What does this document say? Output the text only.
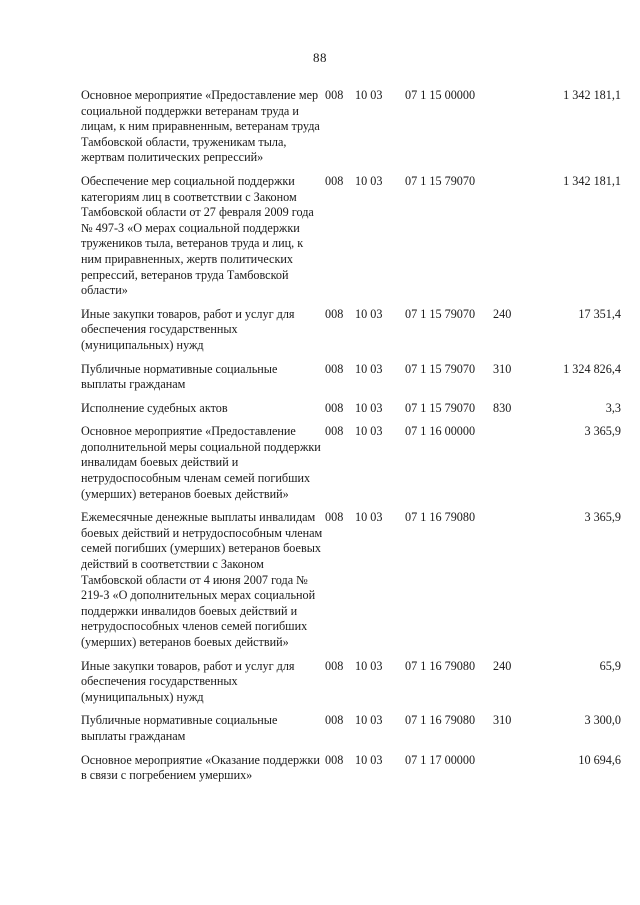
88
Основное мероприятие «Предоставление мер социальной поддержки ветеранам труда и лицам, к ним приравненным, ветеранам труда Тамбовской области, труженикам тыла, жертвам политических репрессий»	008	10 03	07 1 15 00000		1 342 181,1
Обеспечение мер социальной поддержки категориям лиц в соответствии с Законом Тамбовской области от 27 февраля 2009 года № 497-З «О мерах социальной поддержки тружеников тыла, ветеранов труда и лиц, к ним приравненных, жертв политических репрессий, ветеранов труда Тамбовской области»	008	10 03	07 1 15 79070		1 342 181,1
Иные закупки товаров, работ и услуг для обеспечения государственных (муниципальных) нужд	008	10 03	07 1 15 79070	240	17 351,4
Публичные нормативные социальные выплаты гражданам	008	10 03	07 1 15 79070	310	1 324 826,4
Исполнение судебных актов	008	10 03	07 1 15 79070	830	3,3
Основное мероприятие «Предоставление дополнительной меры социальной поддержки инвалидам боевых действий и нетрудоспособным членам семей погибших (умерших) ветеранов боевых действий»	008	10 03	07 1 16 00000		3 365,9
Ежемесячные денежные выплаты инвалидам боевых действий и нетрудоспособным членам семей погибших (умерших) ветеранов боевых действий в соответствии с Законом Тамбовской области от 4 июня 2007 года № 219-З «О дополнительных мерах социальной поддержки инвалидов боевых действий и нетрудоспособных членов семей погибших (умерших) ветеранов боевых действий»	008	10 03	07 1 16 79080		3 365,9
Иные закупки товаров, работ и услуг для обеспечения государственных (муниципальных) нужд	008	10 03	07 1 16 79080	240	65,9
Публичные нормативные социальные выплаты гражданам	008	10 03	07 1 16 79080	310	3 300,0
Основное мероприятие «Оказание поддержки в связи с погребением умерших»	008	10 03	07 1 17 00000		10 694,6
